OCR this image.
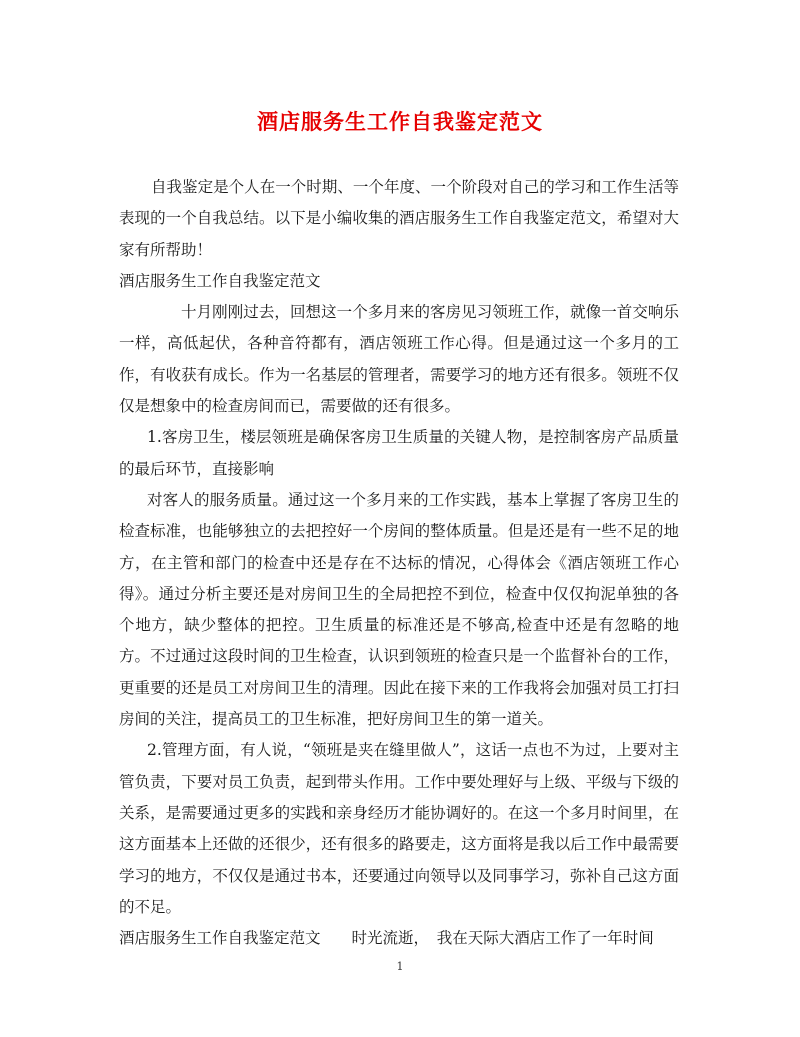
酒店服务生工作自我鉴定范文

自我鉴定是个人在一个时期、一个年度、一个阶段对自己的学习和工作生活等表现的一个自我总结。以下是小编收集的酒店服务生工作自我鉴定范文，希望对大家有所帮助！

酒店服务生工作自我鉴定范文

十月刚刚过去，回想这一个多月来的客房见习领班工作，就像一首交响乐一样，高低起伏，各种音符都有，酒店领班工作心得。但是通过这一个多月的工作，有收获有成长。作为一名基层的管理者，需要学习的地方还有很多。领班不仅仅是想象中的检查房间而已，需要做的还有很多。

1.客房卫生，楼层领班是确保客房卫生质量的关键人物，是控制客房产品质量的最后环节，直接影响

对客人的服务质量。通过这一个多月来的工作实践，基本上掌握了客房卫生的检查标准，也能够独立的去把控好一个房间的整体质量。但是还是有一些不足的地方，在主管和部门的检查中还是存在不达标的情况，心得体会《酒店领班工作心得》。通过分析主要还是对房间卫生的全局把控不到位，检查中仅仅拘泥单独的各个地方，缺少整体的把控。卫生质量的标准还是不够高,检查中还是有忽略的地方。不过通过这段时间的卫生检查，认识到领班的检查只是一个监督补台的工作，更重要的还是员工对房间卫生的清理。因此在接下来的工作我将会加强对员工打扫房间的关注，提高员工的卫生标准，把好房间卫生的第一道关。

2.管理方面，有人说，“领班是夹在缝里做人”，这话一点也不为过，上要对主管负责，下要对员工负责，起到带头作用。工作中要处理好与上级、平级与下级的关系，是需要通过更多的实践和亲身经历才能协调好的。在这一个多月时间里，在这方面基本上还做的还很少，还有很多的路要走，这方面将是我以后工作中最需要学习的地方，不仅仅是通过书本，还要通过向领导以及同事学习，弥补自己这方面的不足。

酒店服务生工作自我鉴定范文　　时光流逝，　我在天际大酒店工作了一年时间

1
